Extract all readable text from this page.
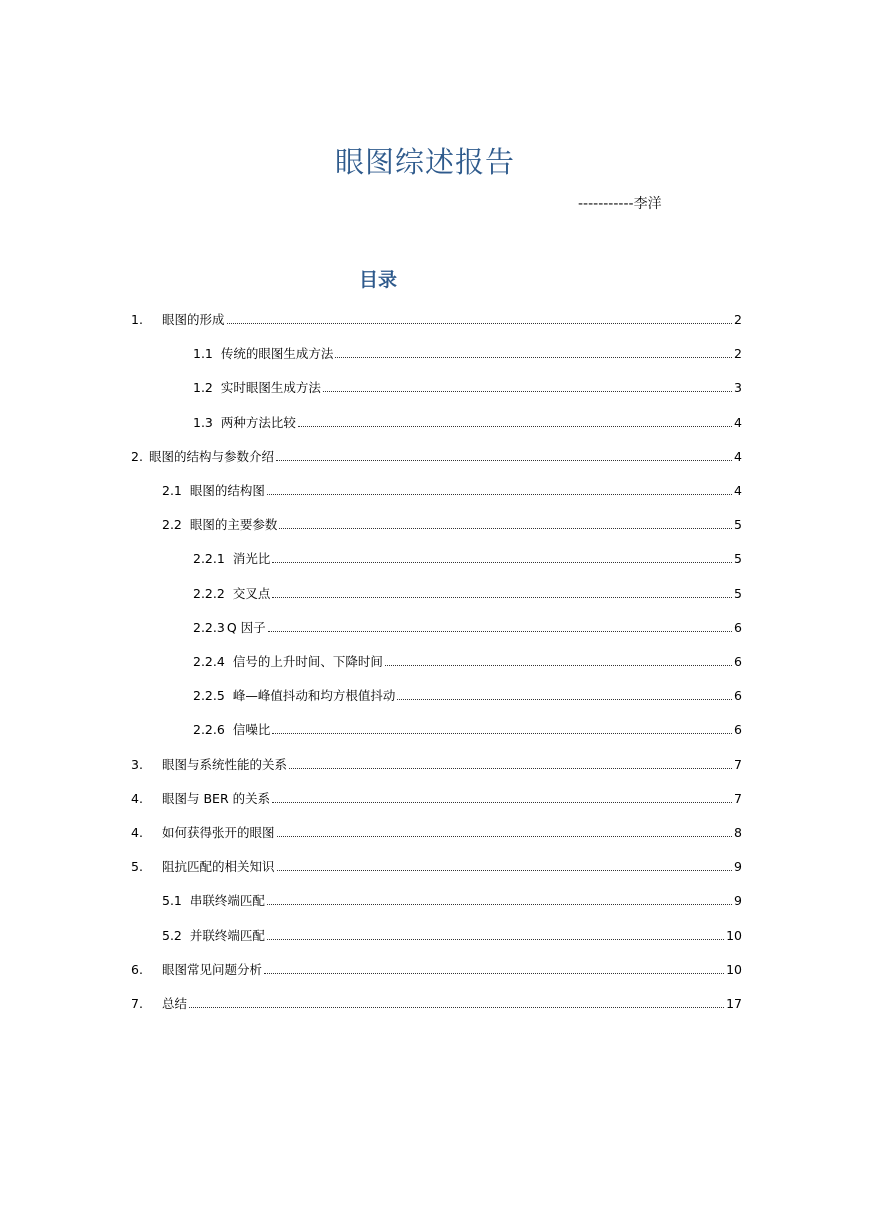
眼图综述报告
-----------李洋
目录
1.	眼图的形成	2
1.1 传统的眼图生成方法	2
1.2 实时眼图生成方法	3
1.3 两种方法比较	4
2. 眼图的结构与参数介绍	4
2.1 眼图的结构图	4
2.2 眼图的主要参数	5
2.2.1 消光比	5
2.2.2 交叉点	5
2.2.3 Q 因子	6
2.2.4 信号的上升时间、下降时间	6
2.2.5 峰—峰值抖动和均方根值抖动	6
2.2.6 信噪比	6
3.	眼图与系统性能的关系	7
4.	眼图与 BER 的关系	7
4.	如何获得张开的眼图	8
5.	阻抗匹配的相关知识	9
5.1 串联终端匹配	9
5.2 并联终端匹配	10
6.	眼图常见问题分析	10
7.	总结	17
